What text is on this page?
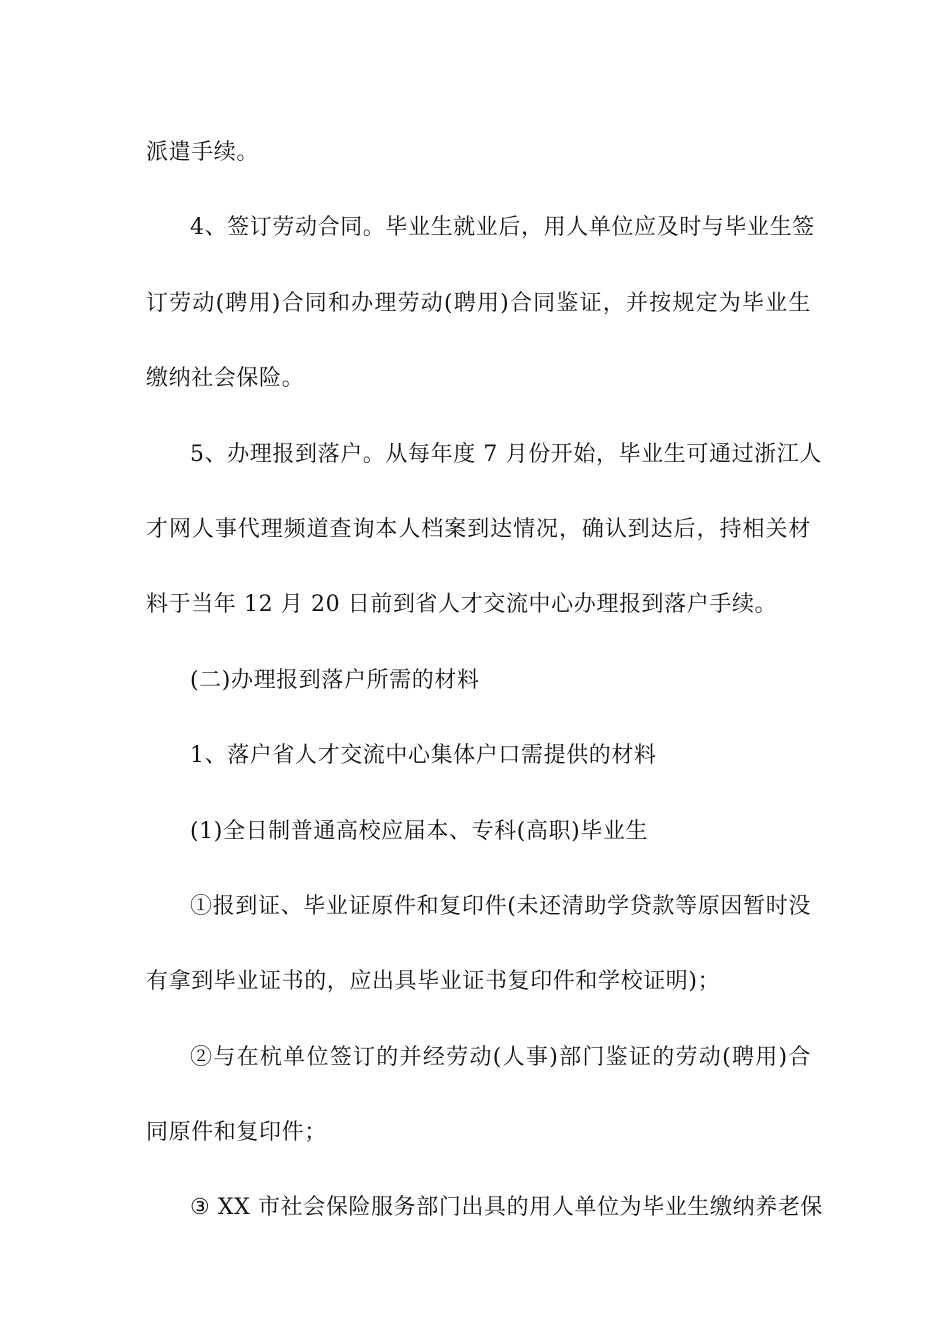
派遣手续。
4、签订劳动合同。毕业生就业后，用人单位应及时与毕业生签
订劳动(聘用)合同和办理劳动(聘用)合同鉴证，并按规定为毕业生
缴纳社会保险。
5、办理报到落户。从每年度 7 月份开始，毕业生可通过浙江人
才网人事代理频道查询本人档案到达情况，确认到达后，持相关材
料于当年 12 月 20 日前到省人才交流中心办理报到落户手续。
(二)办理报到落户所需的材料
1、落户省人才交流中心集体户口需提供的材料
(1)全日制普通高校应届本、专科(高职)毕业生
①报到证、毕业证原件和复印件(未还清助学贷款等原因暂时没
有拿到毕业证书的，应出具毕业证书复印件和学校证明)；
②与在杭单位签订的并经劳动(人事)部门鉴证的劳动(聘用)合
同原件和复印件；
③ XX 市社会保险服务部门出具的用人单位为毕业生缴纳养老保
